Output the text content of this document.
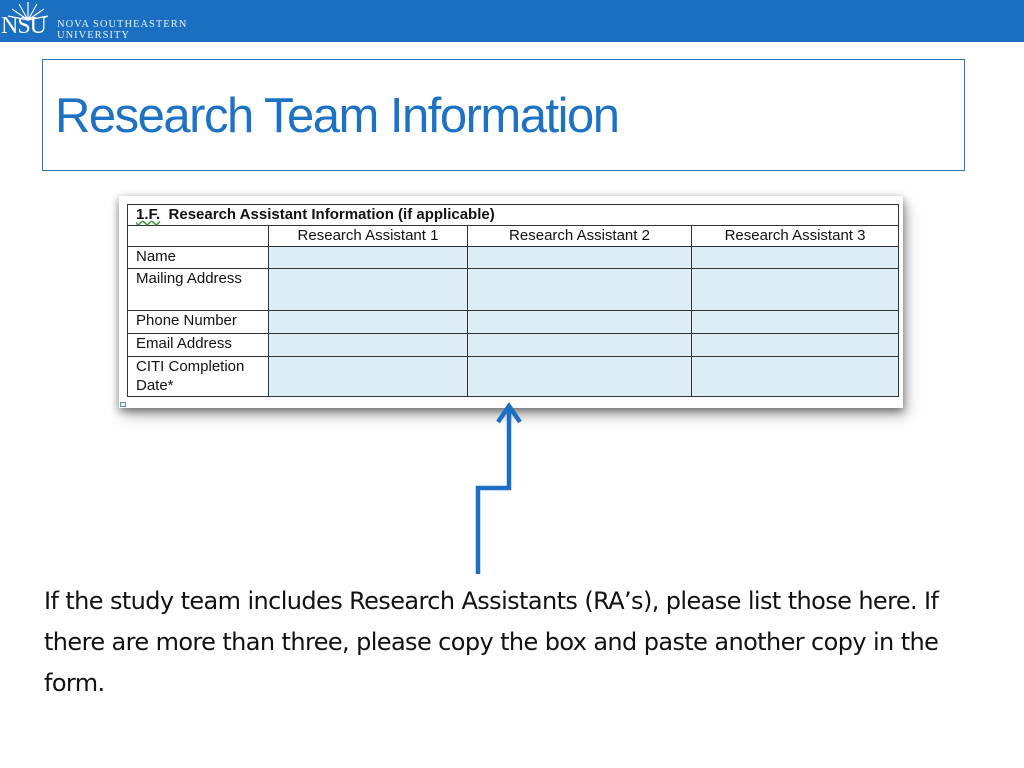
NSU NOVA SOUTHEASTERN
UNIVERSITY
Research Team Information
1.F. Research Assistant Information (if applicable)			
	Research Assistant 1	Research Assistant 2	Research Assistant 3
Name			
Mailing Address			
Phone Number			
Email Address			
CITI Completion Date*			
If the study team includes Research Assistants (RA’s), please list those here. If there are more than three, please copy the box and paste another copy in the form.
